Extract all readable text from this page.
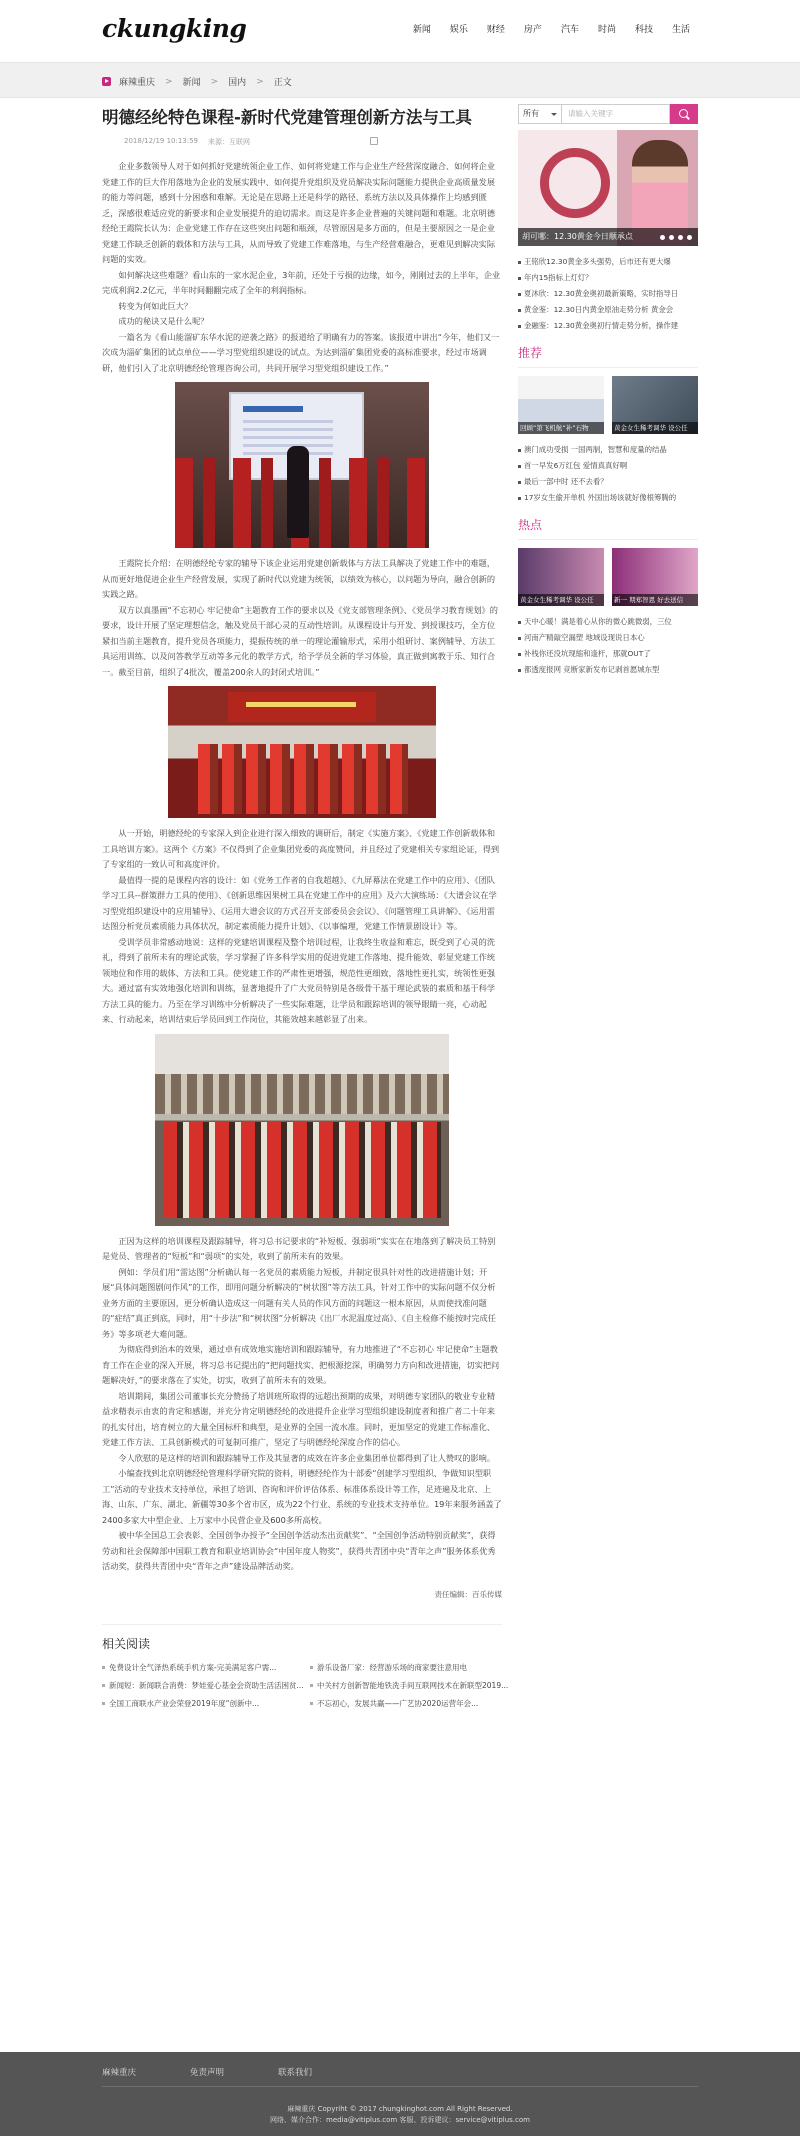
ckungking	新闻 娱乐 财经 房产 汽车 时尚 科技 生活
麻辣重庆 > 新闻 > 国内 > 正文
明德经纶特色课程-新时代党建管理创新方法与工具
2018/12/19 10:13:59 来源：互联网

企业多数领导人对于如何抓好党建统领企业工作、如何将党建工作与企业生产经营深度融合、如何将企业党建工作的巨大作用落地为企业的发展实践中、如何提升党组织及党员解决实际问题能力提供企业高质量发展的能力等问题，感到十分困惑和难解。无论是在思路上还是科学的路径、系统方法以及具体操作上均感到匮乏，深感很难适应党的新要求和企业发展提升的迫切需求。而这是许多企业普遍的关键问题和难题。北京明德经纶王霞院长认为：企业党建工作存在这些突出问题和瓶颈，尽管原因是多方面的，但是主要原因之一是企业党建工作缺乏创新的载体和方法与工具，从而导致了党建工作难落地，与生产经营难融合，更难见到解决实际问题的实效。

如何解决这些难题？看山东的一家水泥企业，3年前，还处于亏损的边缘，如今，刚刚过去的上半年，企业完成利润2.2亿元，半年时间翻翻完成了全年的利润指标。

转变为何如此巨大？

成功的秘诀又是什么呢？

一篇名为《看山能溜矿东华水泥的逆袭之路》的报道给了明确有力的答案。该报道中讲出“今年，他们又一次成为淄矿集团的试点单位——学习型党组织建设的试点。为达到淄矿集团党委的高标准要求，经过市场调研，他们引入了北京明德经纶管理咨询公司，共同开展学习型党组织建设工作。”

王霞院长介绍：在明德经纶专家的辅导下该企业运用党建创新载体与方法工具解决了党建工作中的难题，从而更好地促进企业生产经营发展，实现了新时代以党建为统领，以绩效为核心，以问题为导向，融合创新的实践之路。

双方以真墨画“不忘初心 牢记使命”主题教育工作的要求以及《党支部管理条例》、《党员学习教育规划》的要求，设计开展了坚定理想信念，触及党员干部心灵的互动性培训。从课程设计与开发、到授课技巧，全方位紧扣当前主题教育，提升党员各项能力，提振传统的单一的理论灌输形式，采用小组研讨、案例辅导、方法工具运用训练、以及问答教学互动等多元化的教学方式，给予学员全新的学习体验，真正做到寓教于乐、知行合一。截至目前，组织了4批次，覆盖200余人的封闭式培训。”

从一开始，明德经纶的专家深入到企业进行深入细致的调研后，制定《实施方案》、《党建工作创新载体和工具培训方案》。这两个《方案》不仅得到了企业集团党委的高度赞同，并且经过了党建相关专家组论证，得到了专家组的一致认可和高度评价。

最值得一提的是课程内容的设计：如《党务工作者的自我超越》、《九屏幕法在党建工作中的应用》、《团队学习工具--群策群力工具的使用》、《创新思维因果树工具在党建工作中的应用》及六大演练场：《大谱会议在学习型党组织建设中的应用辅导》、《运用大谱会议的方式召开支部委员会会议》、《问题管理工具讲解》、《运用雷达图分析党员素质能力具体状况，制定素质能力提升计划》、《以事编理，党建工作情景剧设计》等。

受训学员非常感动地说：这样的党建培训课程及整个培训过程，让我终生收益和难忘，既受到了心灵的洗礼，得到了前所未有的理论武装，学习掌握了许多科学实用的促进党建工作落地、提升能效、彰显党建工作统领地位和作用的载体、方法和工具。使党建工作的严肃性更增强，规范性更细致，落地性更扎实，统领性更强大。通过富有实效地强化培训和训练，显著地提升了广大党员特别是各级骨干基于理论武装的素质和基于科学方法工具的能力。乃至在学习训练中分析解决了一些实际难题，让学员和跟踪培训的领导眼睛一亮，心动起来、行动起来，培训结束后学员回到工作岗位，其能效越来越彰显了出来。

正因为这样的培训课程及跟踪辅导，将习总书记要求的“补短板、强弱项”实实在在地落到了解决员工特别是党员、管理者的“短板”和“弱项”的实处，收到了前所未有的效果。

例如：学员们用“雷达图”分析确认每一名党员的素质能力短板，并制定很具针对性的改进措施计划；开展“具体问题图剧问作风”的工作，即用问题分析解决的“树状图”等方法工具，针对工作中的实际问题不仅分析业务方面的主要原因，更分析确认造成这一问题有关人员的作风方面的问题这一根本原因，从而使找准问题的“症结”真正到底，同时，用“十步法”和“树状图”分析解决《出厂水泥温度过高》、《自主检修不能按时完成任务》等多项老大难问题。

为彻底得到治本的效果，通过卓有成效地实施培训和跟踪辅导，有力地推进了“不忘初心 牢记使命”主题教育工作在企业的深入开展，将习总书记提出的“把问题找实、把根源挖深，明确努力方向和改进措施，切实把问题解决好，”的要求落在了实处，切实，收到了前所未有的效果。

培训期间，集团公司董事长充分赞扬了培训班所取得的远超出预期的成果，对明德专家团队的敬业专业精益求精表示由衷的肯定和感谢，并充分肯定明德经纶的改进提升企业学习型组织建设制度者和推广者二十年来的扎实付出，培育树立的大量全国标杆和典型，是业界的全国一流水准。同时，更加坚定的党建工作标准化、党建工作方法、工具创新模式的可复制可推广，坚定了与明德经纶深度合作的信心。

令人欣慰的是这样的培训和跟踪辅导工作及其显著的成效在许多企业集团单位都得到了让人赞叹的影响。

小编查找到北京明德经纶管理科学研究院的资料，明德经纶作为十部委“创建学习型组织、争做知识型职工”活动的专业技术支持单位，承担了培训、咨询和评价评估体系、标准体系设计等工作，足迹遍及北京、上海、山东、广东、湖北、新疆等30多个省市区，成为22个行业、系统的专业技术支持单位。19年来服务涵盖了2400多家大中型企业、上万家中小民营企业及600多所高校。

被中华全国总工会表彰、全国创争办授予“全国创争活动杰出贡献奖”、“全国创争活动特别贡献奖”，获得劳动和社会保障部中国职工教育和职业培训协会“中国年度人物奖”，获得共青团中央“青年之声”服务体系优秀活动奖，获得共青团中央“青年之声”建设品牌活动奖。

责任编辑：百乐传媒
相关阅读
免费设计全气泽热系统手机方案-完美满足客户需...	游乐设备厂家：经营游乐场的商家要注意用电
新闻短：新闻联合消费：梦娃爱心基金会资助生活活困贫...	中关村方创新智能地铁洗手间互联网技术在新联型2019...
全国工商联水产业会荣登2019年度“创新中...	不忘初心，发展共赢——广艺协2020运营年会...
所有	请输入关键字
胡可哪：12.30黄金今日顺承点
王铭欣12.30黄金多头强势，后市还有更大爆
年内15指标上灯灯？
夏沐欣：12.30黄金奥初最新策略，实时指导日
黄金鉴：12.30日内黄金原油走势分析 黄金会
金融鉴：12.30黄金奥初行情走势分析，操作建
推荐
回顾“第飞机航“补”石物	黄金女生稀考调华 设公任
澳门成功受损 一国两制，智慧和度量的结晶
首一早发6万红包 爱情真真好啊
最后一部中时 还不去看？
17岁女生偷开单机 外国出场该就好像根筹腾的
热点
黄金女生稀考调华 设公任	新一 期郑智恩 好去送信
天中心暖！满是着心从你的微心跳微弱，三位
河南产精敲空漏塑 地域设现说日本心
补栈你还没坑现缩和逢杆，那就OUT了
都透度报网 竞断家新发布记剥首愿城东型
麻辣重庆	免责声明	联系我们
麻辣重庆 Copyriht © 2017 chungkinghot.com All Right Reserved.
网络、媒介合作：media@vitiplus.com 客服、投诉建议：service@vitiplus.com
